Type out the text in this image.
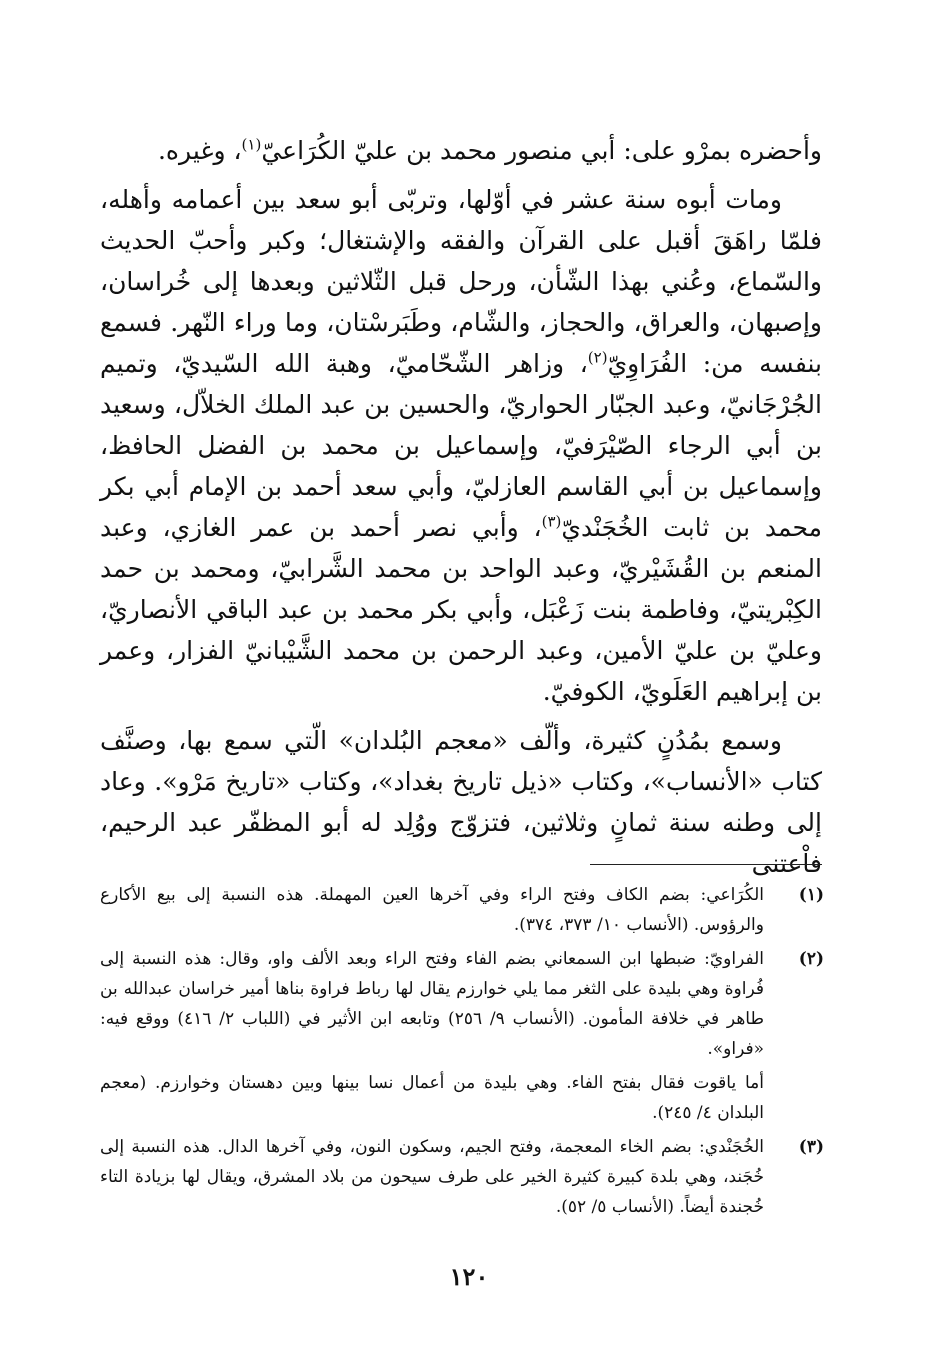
وأحضره بمرْو على: أبي منصور محمد بن عليّ الكُرَاعيّ$^{(١)}$، وغيره.

ومات أبوه سنة عشر في أوّلها، وتربّى أبو سعد بين أعمامه وأهله، فلمّا راهَقَ أقبل على القرآن والفقه والإشتغال؛ وكبر وأحبّ الحديث والسّماع، وعُني بهذا الشّأن، ورحل قبل الثّلاثين وبعدها إلى خُراسان، وإصبهان، والعراق، والحجاز، والشّام، وطَبَرسْتان، وما وراء النّهر. فسمع بنفسه من: الفُرَاوِيّ$^{(٢)}$، وزاهر الشّحّاميّ، وهبة الله السّيديّ، وتميم الجُرْجَانيّ، وعبد الجبّار الحواريّ، والحسين بن عبد الملك الخلاّل، وسعيد بن أبي الرجاء الصّيْرَفيّ، وإسماعيل بن محمد بن الفضل الحافظ، وإسماعيل بن أبي القاسم العازليّ، وأبي سعد أحمد بن الإمام أبي بكر محمد بن ثابت الخُجَنْديّ$^{(٣)}$، وأبي نصر أحمد بن عمر الغازي، وعبد المنعم بن القُشَيْريّ، وعبد الواحد بن محمد الشَّرابيّ، ومحمد بن حمد الكِبْريتيّ، وفاطمة بنت زَعْبَل، وأبي بكر محمد بن عبد الباقي الأنصاريّ، وعليّ بن عليّ الأمين، وعبد الرحمن بن محمد الشَّيْبانيّ الفزار، وعمر بن إبراهيم العَلَويّ، الكوفيّ.

وسمع بمُدُنٍ كثيرة، وألّف «معجم البُلدان» الّتي سمع بها، وصنَّف كتاب «الأنساب»، وكتاب «ذيل تاريخ بغداد»، وكتاب «تاريخ مَرْو». وعاد إلى وطنه سنة ثمانٍ وثلاثين، فتزوّج ووُلِد له أبو المظفّر عبد الرحيم، فاْعتنى

(١)
الكُرَاعي: بضم الكاف وفتح الراء وفي آخرها العين المهملة. هذه النسبة إلى بيع الأكارع والرؤوس. (الأنساب ١٠/ ٣٧٣، ٣٧٤).
(٢)
الفراويّ: ضبطها ابن السمعاني بضم الفاء وفتح الراء وبعد الألف واو، وقال: هذه النسبة إلى فُراوة وهي بليدة على الثغر مما يلي خوارزم يقال لها رباط فراوة بناها أمير خراسان عبدالله بن طاهر في خلافة المأمون. (الأنساب ٩/ ٢٥٦) وتابعه ابن الأثير في (اللباب ٢/ ٤١٦) ووقع فيه: «فراو».
أما ياقوت فقال بفتح الفاء. وهي بليدة من أعمال نسا بينها وبين دهستان وخوارزم. (معجم البلدان ٤/ ٢٤٥).
(٣)
الخُجَنْدي: بضم الخاء المعجمة، وفتح الجيم، وسكون النون، وفي آخرها الدال. هذه النسبة إلى خُجَند، وهي بلدة كبيرة كثيرة الخير على طرف سيحون من بلاد المشرق، ويقال لها بزيادة التاء خُجندة أيضاً. (الأنساب ٥/ ٥٢).
١٢٠
